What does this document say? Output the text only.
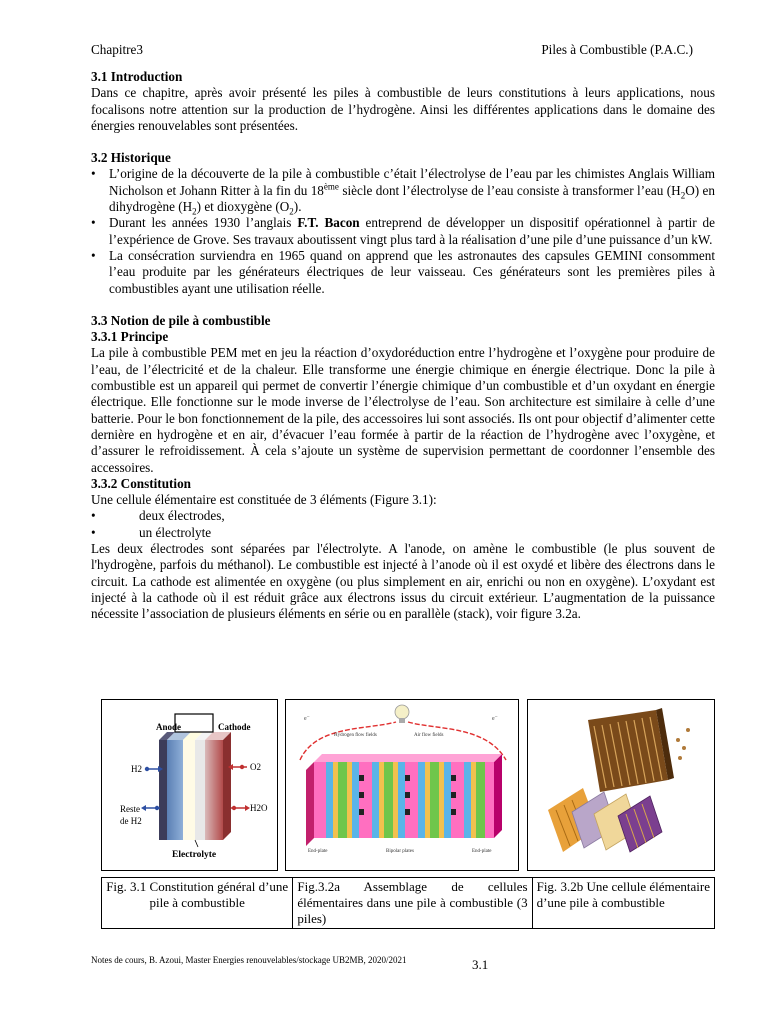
Chapitre3	Piles à Combustible (P.A.C.)
3.1 Introduction

Dans ce chapitre, après avoir présenté les piles à combustible de leurs constitutions à leurs applications, nous focalisons notre attention sur la production de l’hydrogène. Ainsi les différentes applications dans le domaine des énergies renouvelables sont présentées.

3.2 Historique
• L’origine de la découverte de la pile à combustible c’était l’électrolyse de l’eau par les chimistes Anglais William Nicholson et Johann Ritter à la fin du 18ème siècle dont l’électrolyse de l’eau consiste à transformer l’eau $(H_2O)$ en dihydrogène $(H_2)$ et dioxygène $(O_2)$.
• Durant les années 1930 l’anglais F.T. Bacon entreprend de développer un dispositif opérationnel à partir de l’expérience de Grove. Ses travaux aboutissent vingt plus tard à la réalisation d’une pile d’une puissance d’un kW.
• La consécration surviendra en 1965 quand on apprend que les astronautes des capsules GEMINI consomment l’eau produite par les générateurs électriques de leur vaisseau. Ces générateurs sont les premières piles à combustibles ayant une utilisation réelle.
3.3 Notion de pile à combustible
3.3.1 Principe

La pile à combustible PEM met en jeu la réaction d’oxydoréduction entre l’hydrogène et l’oxygène pour produire de l’eau, de l’électricité et de la chaleur. Elle transforme une énergie chimique en énergie électrique. Donc la pile à combustible est un appareil qui permet de convertir l’énergie chimique d’un combustible et d’un oxydant en énergie électrique. Elle fonctionne sur le mode inverse de l’électrolyse de l’eau. Son architecture est similaire à celle d’une batterie. Pour le bon fonctionnement de la pile, des accessoires lui sont associés. Ils ont pour objectif d’alimenter cette dernière en hydrogène et en air, d’évacuer l’eau formée à partir de la réaction de l’hydrogène avec l’oxygène, et d’assurer le refroidissement. À cela s’ajoute un système de supervision permettant de coordonner l’ensemble des accessoires.

3.3.2 Constitution

Une cellule élémentaire est constituée de 3 éléments (Figure 3.1):

• deux électrodes,
• un électrolyte

Les deux électrodes sont séparées par l'électrolyte. A l'anode, on amène le combustible (le plus souvent de l'hydrogène, parfois du méthanol). Le combustible est injecté à l’anode où il est oxydé et libère des électrons dans le circuit. La cathode est alimentée en oxygène (ou plus simplement en air, enrichi ou non en oxygène). L’oxydant est injecté à la cathode où il est réduit grâce aux électrons issus du circuit extérieur. L’augmentation de la puissance nécessite l’association de plusieurs éléments en série ou en parallèle (stack), voir figure 3.2a.

Anode	Cathode
H2	O2
Reste
de H2
H2O
Electrolyte
e⁻	e⁻
Hydrogen flow fields	Air flow fields
End-plate	Bipolar plates	End-plate
Fig. 3.1 Constitution général d’une pile à combustible
Fig.3.2a Assemblage de cellules élémentaires dans une pile à combustible (3 piles)
Fig. 3.2b Une cellule élémentaire d’une pile à combustible
Notes de cours, B. Azoui, Master Energies renouvelables/stockage UB2MB, 2020/2021	3.1
